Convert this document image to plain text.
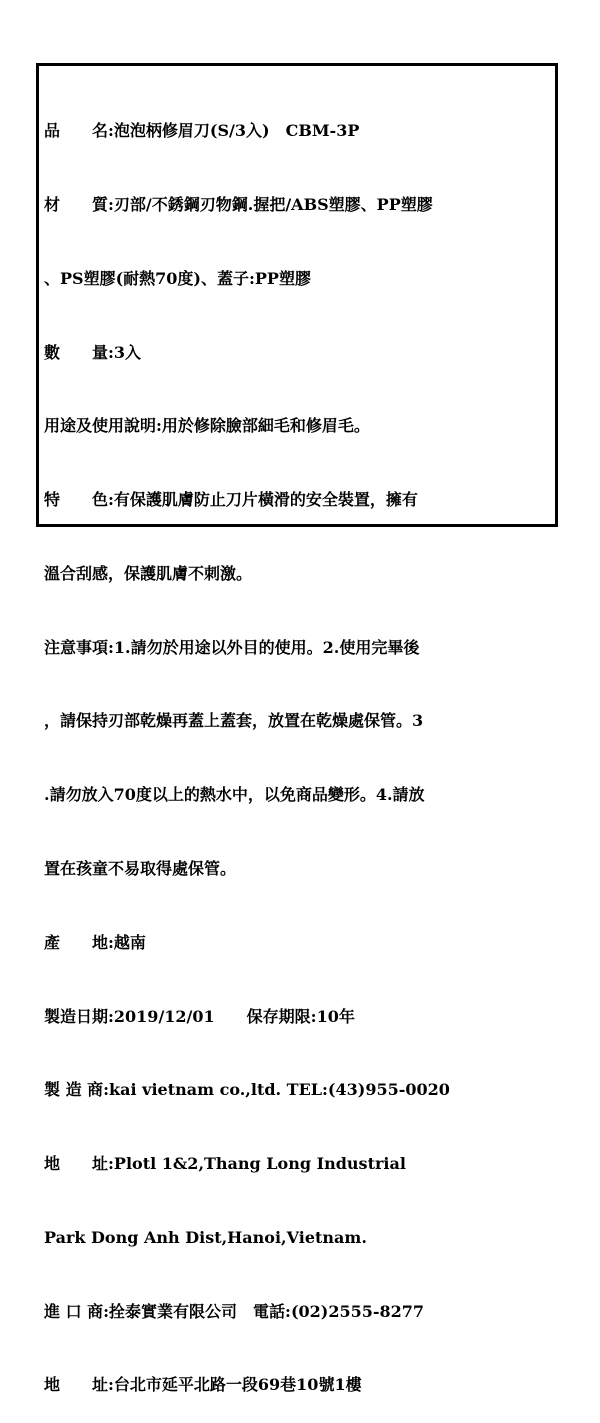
品　　名:泡泡柄修眉刀(S/3入)　CBM-3P

材　　質:刃部/不銹鋼刃物鋼.握把/ABS塑膠、PP塑膠

、PS塑膠(耐熱70度)、蓋子:PP塑膠

數　　量:3入

用途及使用說明:用於修除臉部細毛和修眉毛。

特　　色:有保護肌膚防止刀片橫滑的安全裝置，擁有

溫合刮感，保護肌膚不刺激。

注意事項:1.請勿於用途以外目的使用。2.使用完畢後

，請保持刃部乾燥再蓋上蓋套，放置在乾燥處保管。3

.請勿放入70度以上的熱水中，以免商品變形。4.請放

置在孩童不易取得處保管。

產　　地:越南

製造日期:2019/12/01　　保存期限:10年

製 造 商:kai vietnam co.,ltd. TEL:(43)955-0020

地　　址:Plotl 1&2,Thang Long Industrial

Park Dong Anh Dist,Hanoi,Vietnam.

進 口 商:拴泰實業有限公司　電話:(02)2555-8277

地　　址:台北市延平北路一段69巷10號1樓
